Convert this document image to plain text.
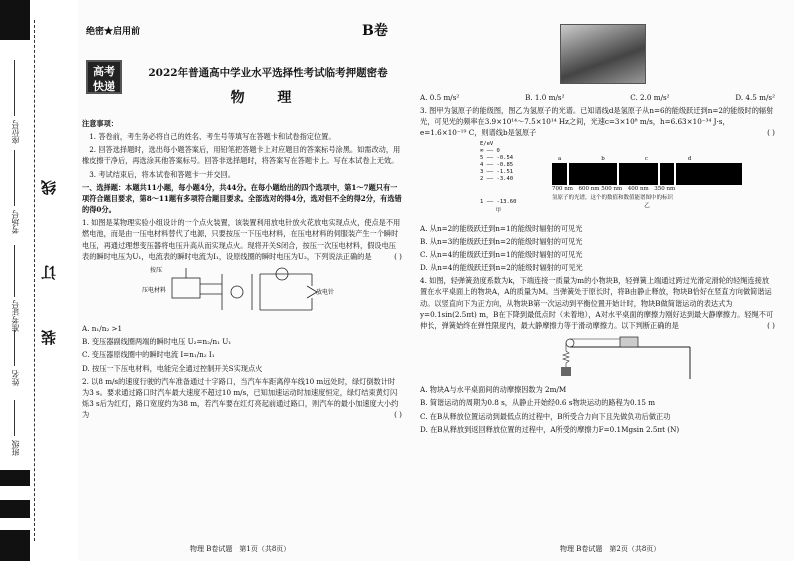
座位号
考场号
准考证号
姓名
班级
线
订
装
绝密★启用前	B卷
高考快递
2022年普通高中学业水平选择性考试临考押题密卷
物 理
注意事项：
1. 答卷前，考生务必将自己的姓名、考生号等填写在答题卡和试卷指定位置。
2. 回答选择题时，选出每小题答案后，用铅笔把答题卡上对应题目的答案标号涂黑。如需改动，用橡皮擦干净后，再选涂其他答案标号。回答非选择题时，将答案写在答题卡上。写在本试卷上无效。
3. 考试结束后，将本试卷和答题卡一并交回。
一、选择题：本题共11小题，每小题4分，共44分。在每小题给出的四个选项中，第1～7题只有一项符合题目要求，第8～11题有多项符合题目要求。全部选对的得4分，选对但不全的得2分，有选错的得0分。
1. 如图是某物理实验小组设计的一个点火装置，该装置利用放电针放火花放电实现点火，使点是不用燃电池，而是由一压电材料替代了电源，只要按压一下压电材料，在压电材料的伺服装产生一个瞬时电压，再通过理想变压器将电压升高从而实现点火。现将开关S闭合，按压一次压电材料，假设电压表的瞬时电压为U₁，电流表的瞬时电流为I₁，设原线圈的瞬时电压为U₂，下列说法正确的是	( )
按压
压电材料	放电针
A. n₁/n₂ >1
B. 变压器副线圈两端的瞬时电压 U₂=n₂/n₁ U₁
C. 变压器原线圈中的瞬时电流 I=n₁/n₂ I₁
D. 按压一下压电材料，电能完全通过控制开关S实现点火
2. 以8 m/s的速度行驶的汽车准备通过十字路口，当汽车车距离停车线10 m远处时，绿灯倒数计时为3 s。要求通过路口时汽车最大速度不超过10 m/s，已知加速运动时加速度恒定，绿灯结束黄灯闪烁3 s后为红灯，路口宽度约为38 m，若汽车要在红灯亮起前通过路口，则汽车的最小加速度大小约为	( )
物理 B卷试题　第1页（共8页）
A. 0.5 m/s²	B. 1.0 m/s²	C. 2.0 m/s²	D. 4.5 m/s²
3. 图甲为氢原子的能级图，图乙为氢原子的光谱。已知谱线d是氢原子从n=6的能级跃迁到n=2的能级时的辐射光，可见光的频率在3.9×10¹⁴～7.5×10¹⁴ Hz之间，光速c=3×10⁸ m/s，h=6.63×10⁻³⁴ J·s，e=1.6×10⁻¹⁹ C，则谱线b是氢原子	( )
E/eV
∞ —— 0
5 —— -0.54
4 —— -0.85
3 —— -1.51
2 —— -3.40
1 —— -13.60
甲
a	b	c	d
700 nm　600 nm 500 nm　400 nm　350 nm
氢原子的光谱，这个的数值和数值能谱图中的标识
乙
A. 从n=2的能级跃迁到n=1的能级时辐射的可见光
B. 从n=3的能级跃迁到n=2的能级时辐射的可见光
C. 从n=4的能级跃迁到n=1的能级时辐射的可见光
D. 从n=4的能级跃迁到n=2的能级时辐射的可见光
4. 如图，轻弹簧劲度系数为k，下端连接一质量为m的小物块B，轻弹簧上端通过跨过光滑定滑轮的轻绳连接放置在水平桌面上的物块A，A的质量为M。当弹簧处于原长时，将B由静止释放，物块B恰好在竖直方向做简谐运动。以竖直向下为正方向，从物块B第一次运动到平衡位置开始计时，物块B做简谐运动的表达式为y=0.1sin(2.5πt) m，B在下降到最低点时（未着地），A对水平桌面的摩擦力刚好达到最大静摩擦力。轻绳不可伸长，弹簧始终在弹性限度内，最大静摩擦力等于滑动摩擦力。以下判断正确的是	( )
A. 物块A与水平桌面间的动摩擦因数为 2m/M
B. 简谐运动的周期为0.8 s，从静止开始经0.6 s物块运动的路程为0.15 m
C. 在B从释放位置运动到最低点的过程中，B所受合力向下且先做负功后做正功
D. 在B从释放到返回释放位置的过程中，A所受的摩擦力F=0.1Mgsin 2.5πt (N)
物理 B卷试题　第2页（共8页）
